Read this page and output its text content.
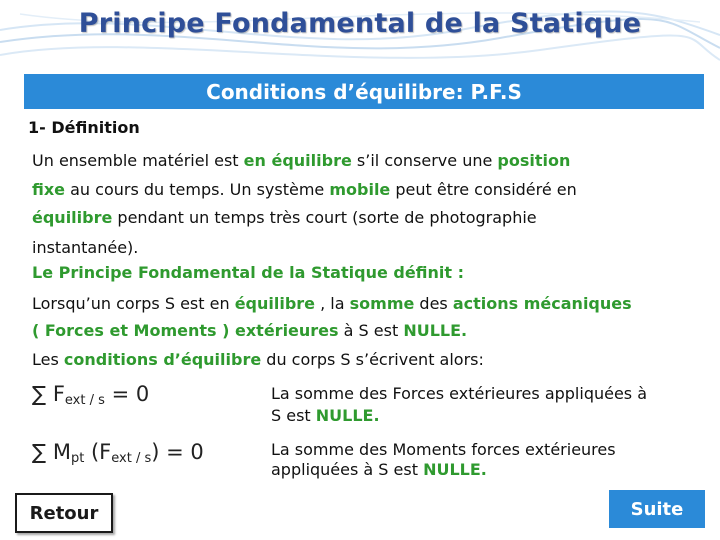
Principe Fondamental de la Statique
Conditions d’équilibre: P.F.S
1- Définition
Un ensemble matériel est en équilibre s’il conserve une position
fixe au cours du temps. Un système mobile peut être considéré en
équilibre pendant un temps très court (sorte de photographie
instantanée).
Le Principe Fondamental de la Statique définit :
Lorsqu’un corps S est en équilibre , la somme des actions mécaniques
( Forces et Moments ) extérieures à S est NULLE.
Les conditions d’équilibre du corps S s’écrivent alors:
∑ $F_{ext / s} = 0$	La somme des Forces extérieures appliquées à
S est NULLE.
∑ $M_{pt}$ $(F_{ext / s}) = 0$	La somme des Moments forces extérieures
appliquées à S est NULLE.
Retour	Suite
